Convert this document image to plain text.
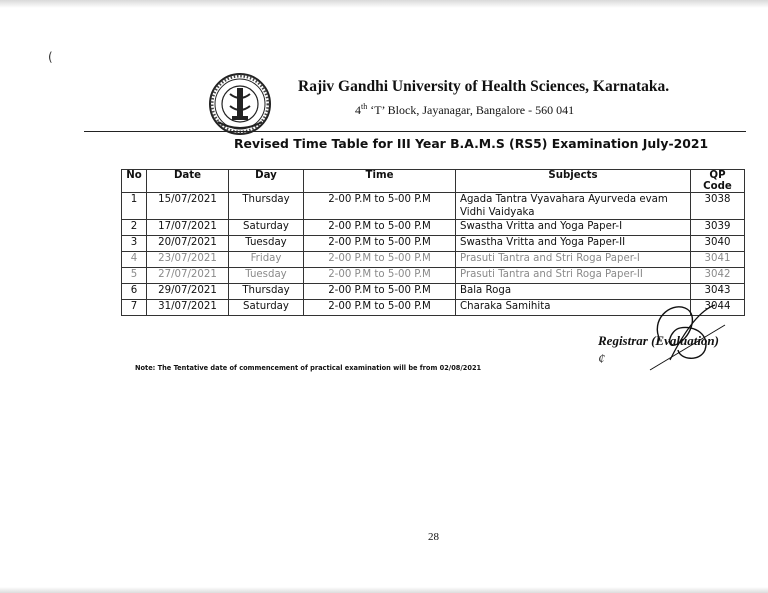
(
Rajiv Gandhi University of Health Sciences, Karnataka.
4th ‘T’ Block, Jayanagar, Bangalore - 560 041
Revised Time Table for III Year B.A.M.S (RS5) Examination July-2021
No	Date	Day	Time	Subjects	QP Code
1	15/07/2021	Thursday	2-00 P.M to 5-00 P.M	Agada Tantra Vyavahara Ayurveda evam Vidhi Vaidyaka	3038
2	17/07/2021	Saturday	2-00 P.M to 5-00 P.M	Swastha Vritta and Yoga Paper-I	3039
3	20/07/2021	Tuesday	2-00 P.M to 5-00 P.M	Swastha Vritta and Yoga Paper-II	3040
4	23/07/2021	Friday	2-00 P.M to 5-00 P.M	Prasuti Tantra and Stri Roga Paper-I	3041
5	27/07/2021	Tuesday	2-00 P.M to 5-00 P.M	Prasuti Tantra and Stri Roga Paper-II	3042
6	29/07/2021	Thursday	2-00 P.M to 5-00 P.M	Bala Roga	3043
7	31/07/2021	Saturday	2-00 P.M to 5-00 P.M	Charaka Samihita	3044
Registrar (Evaluation)
¢
Note: The Tentative date of commencement of practical examination will be from 02/08/2021
28
